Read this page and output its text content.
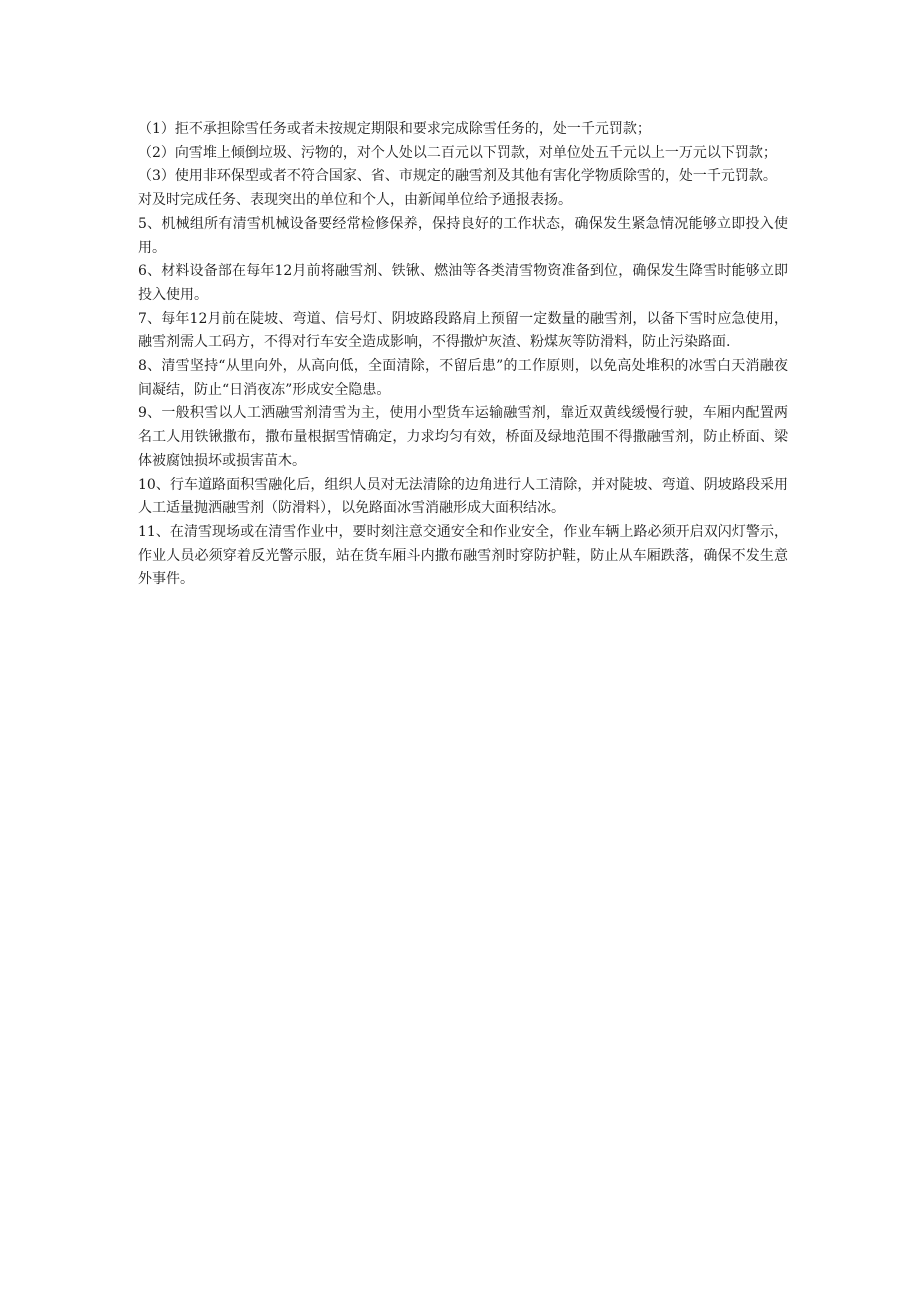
（1）拒不承担除雪任务或者未按规定期限和要求完成除雪任务的，处一千元罚款；

（2）向雪堆上倾倒垃圾、污物的，对个人处以二百元以下罚款，对单位处五千元以上一万元以下罚款；

（3）使用非环保型或者不符合国家、省、市规定的融雪剂及其他有害化学物质除雪的，处一千元罚款。

对及时完成任务、表现突出的单位和个人，由新闻单位给予通报表扬。

5、机械组所有清雪机械设备要经常检修保养，保持良好的工作状态，确保发生紧急情况能够立即投入使用。

6、材料设备部在每年12月前将融雪剂、铁锹、燃油等各类清雪物资准备到位，确保发生降雪时能够立即投入使用。

7、每年12月前在陡坡、弯道、信号灯、阴坡路段路肩上预留一定数量的融雪剂，以备下雪时应急使用，融雪剂需人工码方，不得对行车安全造成影响，不得撒炉灰渣、粉煤灰等防滑料，防止污染路面.

8、清雪坚持“从里向外，从高向低，全面清除，不留后患”的工作原则，以免高处堆积的冰雪白天消融夜间凝结，防止“日消夜冻”形成安全隐患。

9、一般积雪以人工洒融雪剂清雪为主，使用小型货车运输融雪剂，靠近双黄线缓慢行驶，车厢内配置两名工人用铁锹撒布，撒布量根据雪情确定，力求均匀有效，桥面及绿地范围不得撒融雪剂，防止桥面、梁体被腐蚀损坏或损害苗木。

10、行车道路面积雪融化后，组织人员对无法清除的边角进行人工清除，并对陡坡、弯道、阴坡路段采用人工适量抛洒融雪剂（防滑料），以免路面冰雪消融形成大面积结冰。

11、在清雪现场或在清雪作业中，要时刻注意交通安全和作业安全，作业车辆上路必须开启双闪灯警示，作业人员必须穿着反光警示服，站在货车厢斗内撒布融雪剂时穿防护鞋，防止从车厢跌落，确保不发生意外事件。
